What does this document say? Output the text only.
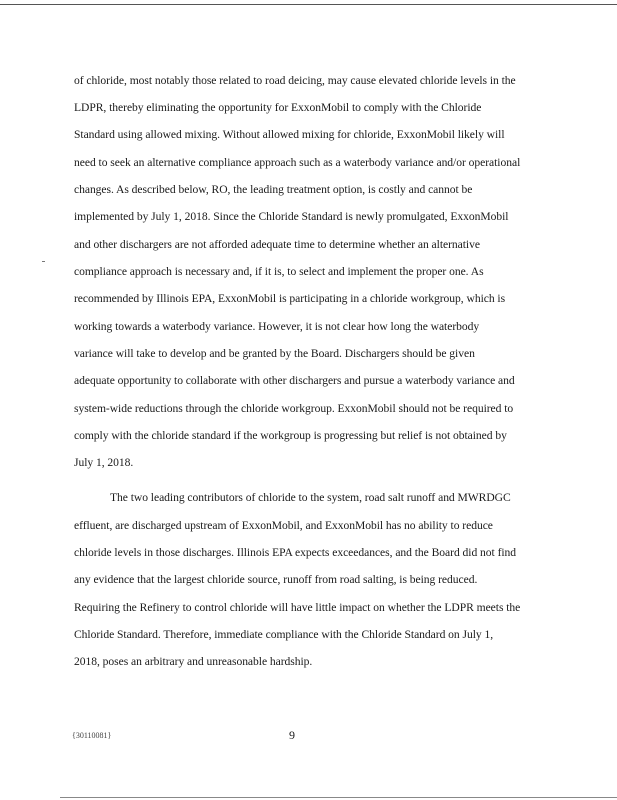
of chloride, most notably those related to road deicing, may cause elevated chloride levels in the
LDPR, thereby eliminating the opportunity for ExxonMobil to comply with the Chloride
Standard using allowed mixing. Without allowed mixing for chloride, ExxonMobil likely will
need to seek an alternative compliance approach such as a waterbody variance and/or operational
changes. As described below, RO, the leading treatment option, is costly and cannot be
implemented by July 1, 2018. Since the Chloride Standard is newly promulgated, ExxonMobil
and other dischargers are not afforded adequate time to determine whether an alternative
compliance approach is necessary and, if it is, to select and implement the proper one. As
recommended by Illinois EPA, ExxonMobil is participating in a chloride workgroup, which is
working towards a waterbody variance. However, it is not clear how long the waterbody
variance will take to develop and be granted by the Board. Dischargers should be given
adequate opportunity to collaborate with other dischargers and pursue a waterbody variance and
system-wide reductions through the chloride workgroup. ExxonMobil should not be required to
comply with the chloride standard if the workgroup is progressing but relief is not obtained by
July 1, 2018.
The two leading contributors of chloride to the system, road salt runoff and MWRDGC
effluent, are discharged upstream of ExxonMobil, and ExxonMobil has no ability to reduce
chloride levels in those discharges. Illinois EPA expects exceedances, and the Board did not find
any evidence that the largest chloride source, runoff from road salting, is being reduced.
Requiring the Refinery to control chloride will have little impact on whether the LDPR meets the
Chloride Standard. Therefore, immediate compliance with the Chloride Standard on July 1,
2018, poses an arbitrary and unreasonable hardship.
{30110081}	9
